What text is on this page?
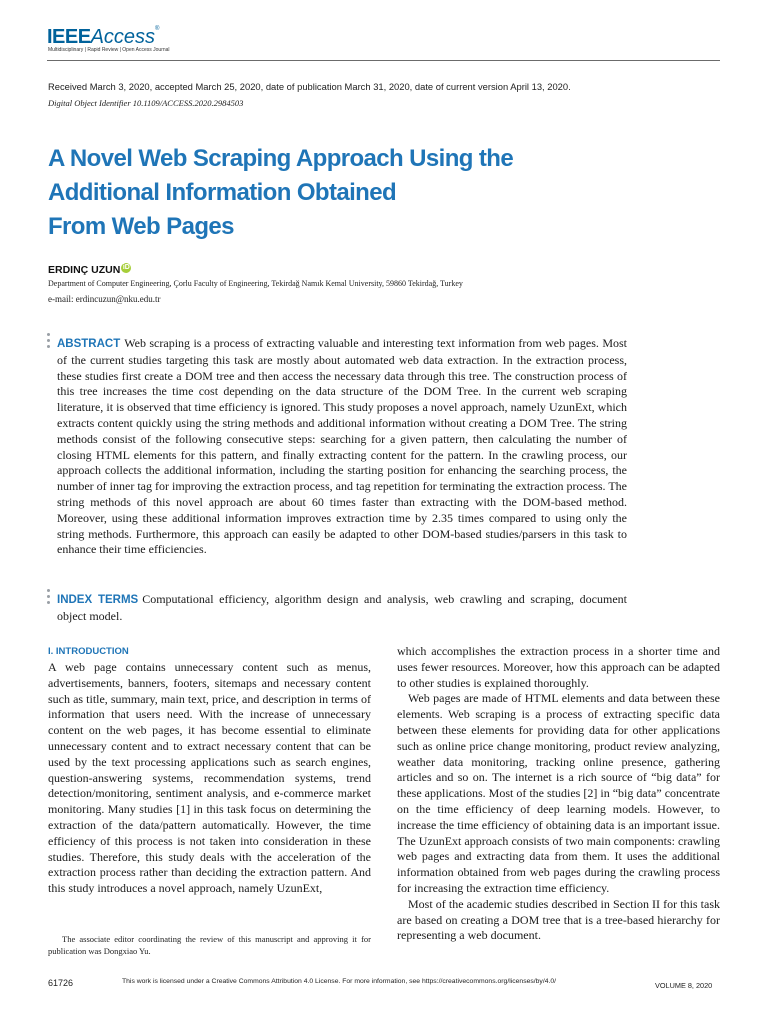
IEEEAccess®
Multidisciplinary | Rapid Review | Open Access Journal
Received March 3, 2020, accepted March 25, 2020, date of publication March 31, 2020, date of current version April 13, 2020.
Digital Object Identifier 10.1109/ACCESS.2020.2984503
A Novel Web Scraping Approach Using the
Additional Information Obtained
From Web Pages
ERDINÇ UZUN iD
Department of Computer Engineering, Çorlu Faculty of Engineering, Tekirdağ Namık Kemal University, 59860 Tekirdağ, Turkey
e-mail: erdincuzun@nku.edu.tr

ABSTRACT Web scraping is a process of extracting valuable and interesting text information from web pages. Most of the current studies targeting this task are mostly about automated web data extraction. In the extraction process, these studies first create a DOM tree and then access the necessary data through this tree. The construction process of this tree increases the time cost depending on the data structure of the DOM Tree. In the current web scraping literature, it is observed that time efficiency is ignored. This study proposes a novel approach, namely UzunExt, which extracts content quickly using the string methods and additional information without creating a DOM Tree. The string methods consist of the following consecutive steps: searching for a given pattern, then calculating the number of closing HTML elements for this pattern, and finally extracting content for the pattern. In the crawling process, our approach collects the additional information, including the starting position for enhancing the searching process, the number of inner tag for improving the extraction process, and tag repetition for terminating the extraction process. The string methods of this novel approach are about 60 times faster than extracting with the DOM-based method. Moreover, using these additional information improves extraction time by 2.35 times compared to using only the string methods. Furthermore, this approach can easily be adapted to other DOM-based studies/parsers in this task to enhance their time efficiencies.

INDEX TERMS Computational efficiency, algorithm design and analysis, web crawling and scraping, document object model.

I. INTRODUCTION

A web page contains unnecessary content such as menus, advertisements, banners, footers, sitemaps and necessary content such as title, summary, main text, price, and description in terms of information that users need. With the increase of unnecessary content on the web pages, it has become essential to eliminate unnecessary content and to extract necessary content that can be used by the text processing applications such as search engines, question-answering systems, recommendation systems, trend detection/monitoring, sentiment analysis, and e-commerce market monitoring. Many studies [1] in this task focus on determining the extraction of the data/pattern automatically. However, the time efficiency of this process is not taken into consideration in these studies. Therefore, this study deals with the acceleration of the extraction process rather than deciding the extraction pattern. And this study introduces a novel approach, namely UzunExt,

The associate editor coordinating the review of this manuscript and approving it for publication was Dongxiao Yu.

which accomplishes the extraction process in a shorter time and uses fewer resources. Moreover, how this approach can be adapted to other studies is explained thoroughly.

Web pages are made of HTML elements and data between these elements. Web scraping is a process of extracting specific data between these elements for providing data for other applications such as online price change monitoring, product review analyzing, weather data monitoring, tracking online presence, gathering articles and so on. The internet is a rich source of “big data” for these applications. Most of the studies [2] in “big data” concentrate on the time efficiency of deep learning models. However, to increase the time efficiency of obtaining data is an important issue. The UzunExt approach consists of two main components: crawling web pages and extracting data from them. It uses the additional information obtained from web pages during the crawling process for increasing the extraction time efficiency.

Most of the academic studies described in Section II for this task are based on creating a DOM tree that is a tree-based hierarchy for representing a web document.

61726	This work is licensed under a Creative Commons Attribution 4.0 License. For more information, see https://creativecommons.org/licenses/by/4.0/	VOLUME 8, 2020
